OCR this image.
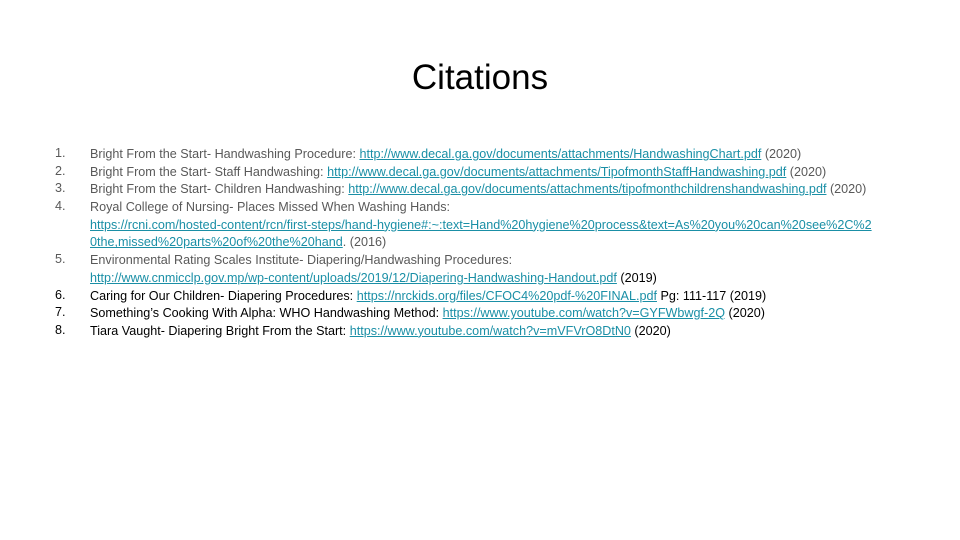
Citations
1. Bright From the Start- Handwashing Procedure: http://www.decal.ga.gov/documents/attachments/HandwashingChart.pdf (2020)
2. Bright From the Start- Staff Handwashing: http://www.decal.ga.gov/documents/attachments/TipofmonthStaffHandwashing.pdf (2020)
3. Bright From the Start- Children Handwashing: http://www.decal.ga.gov/documents/attachments/tipofmonthchildrenshandwashing.pdf (2020)
4. Royal College of Nursing- Places Missed When Washing Hands:
https://rcni.com/hosted-content/rcn/first-steps/hand-hygiene#:~:text=Hand%20hygiene%20process&text=As%20you%20can%20see%2C%2
0the,missed%20parts%20of%20the%20hand. (2016)
5. Environmental Rating Scales Institute- Diapering/Handwashing Procedures:
http://www.cnmicclp.gov.mp/wp-content/uploads/2019/12/Diapering-Handwashing-Handout.pdf (2019)
6. Caring for Our Children- Diapering Procedures: https://nrckids.org/files/CFOC4%20pdf-%20FINAL.pdf Pg: 111-117 (2019)
7. Something’s Cooking With Alpha: WHO Handwashing Method: https://www.youtube.com/watch?v=GYFWbwgf-2Q (2020)
8. Tiara Vaught- Diapering Bright From the Start: https://www.youtube.com/watch?v=mVFVrO8DtN0 (2020)
